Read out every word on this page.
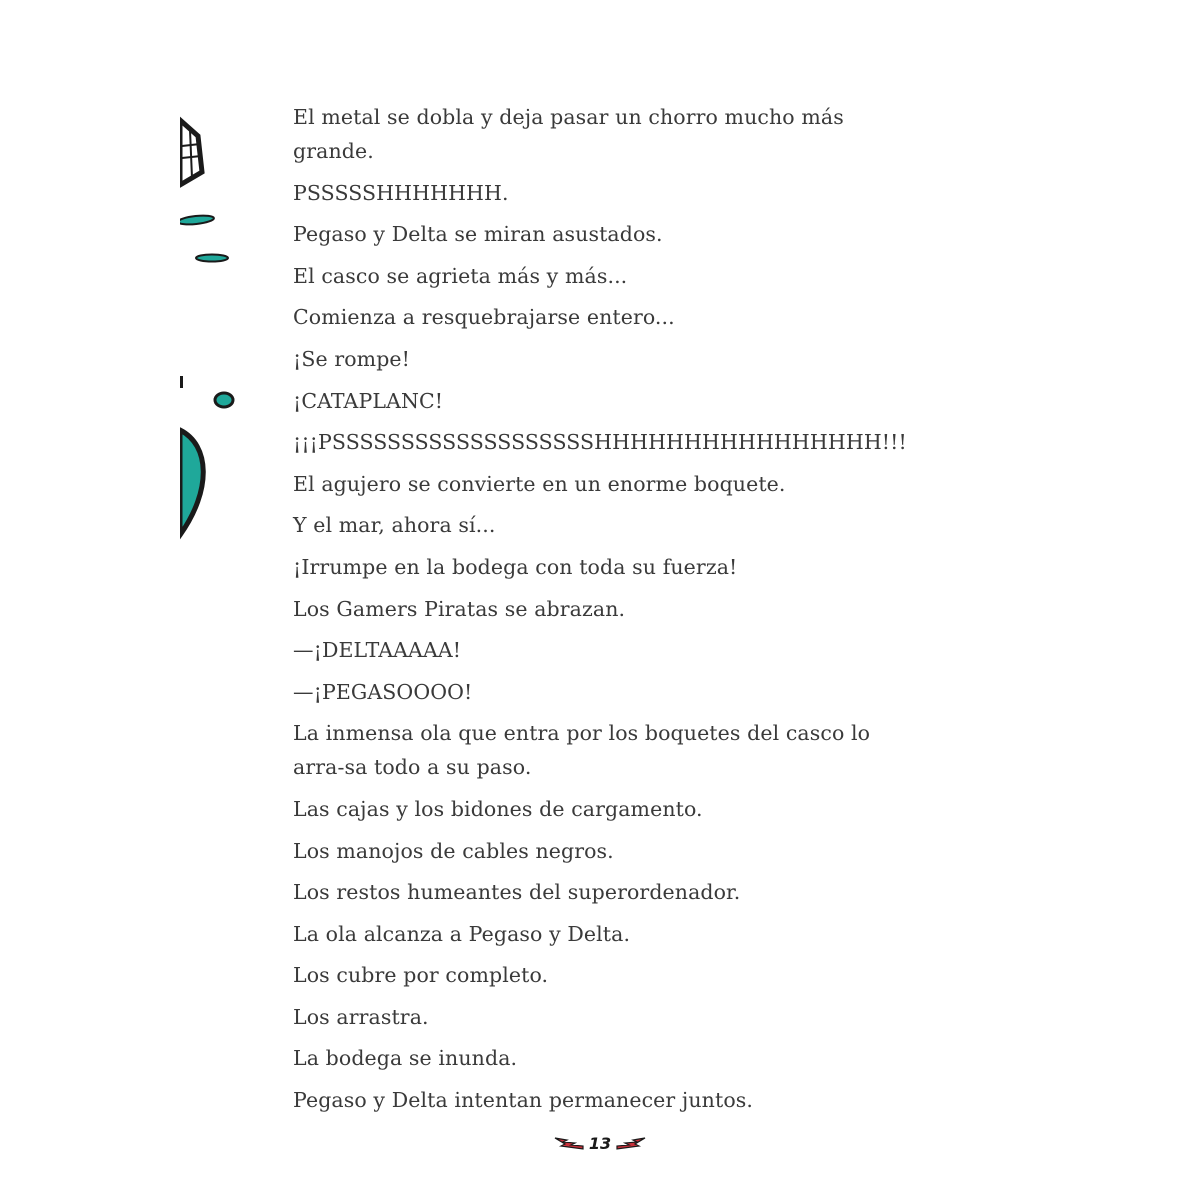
El metal se dobla y deja pasar un chorro mucho más grande.

PSSSSSHHHHHHH.

Pegaso y Delta se miran asustados.

El casco se agrieta más y más...

Comienza a resquebrajarse entero...

¡Se rompe!

¡CATAPLANC!

¡¡¡PSSSSSSSSSSSSSSSSSSSHHHHHHHHHHHHHHHH!!!

El agujero se convierte en un enorme boquete.

Y el mar, ahora sí...

¡Irrumpe en la bodega con toda su fuerza!

Los Gamers Piratas se abrazan.

—¡DELTAAAAA!

—¡PEGASOOOO!

La inmensa ola que entra por los boquetes del casco lo arra-sa todo a su paso.

Las cajas y los bidones de cargamento.

Los manojos de cables negros.

Los restos humeantes del superordenador.

La ola alcanza a Pegaso y Delta.

Los cubre por completo.

Los arrastra.

La bodega se inunda.

Pegaso y Delta intentan permanecer juntos.

13
